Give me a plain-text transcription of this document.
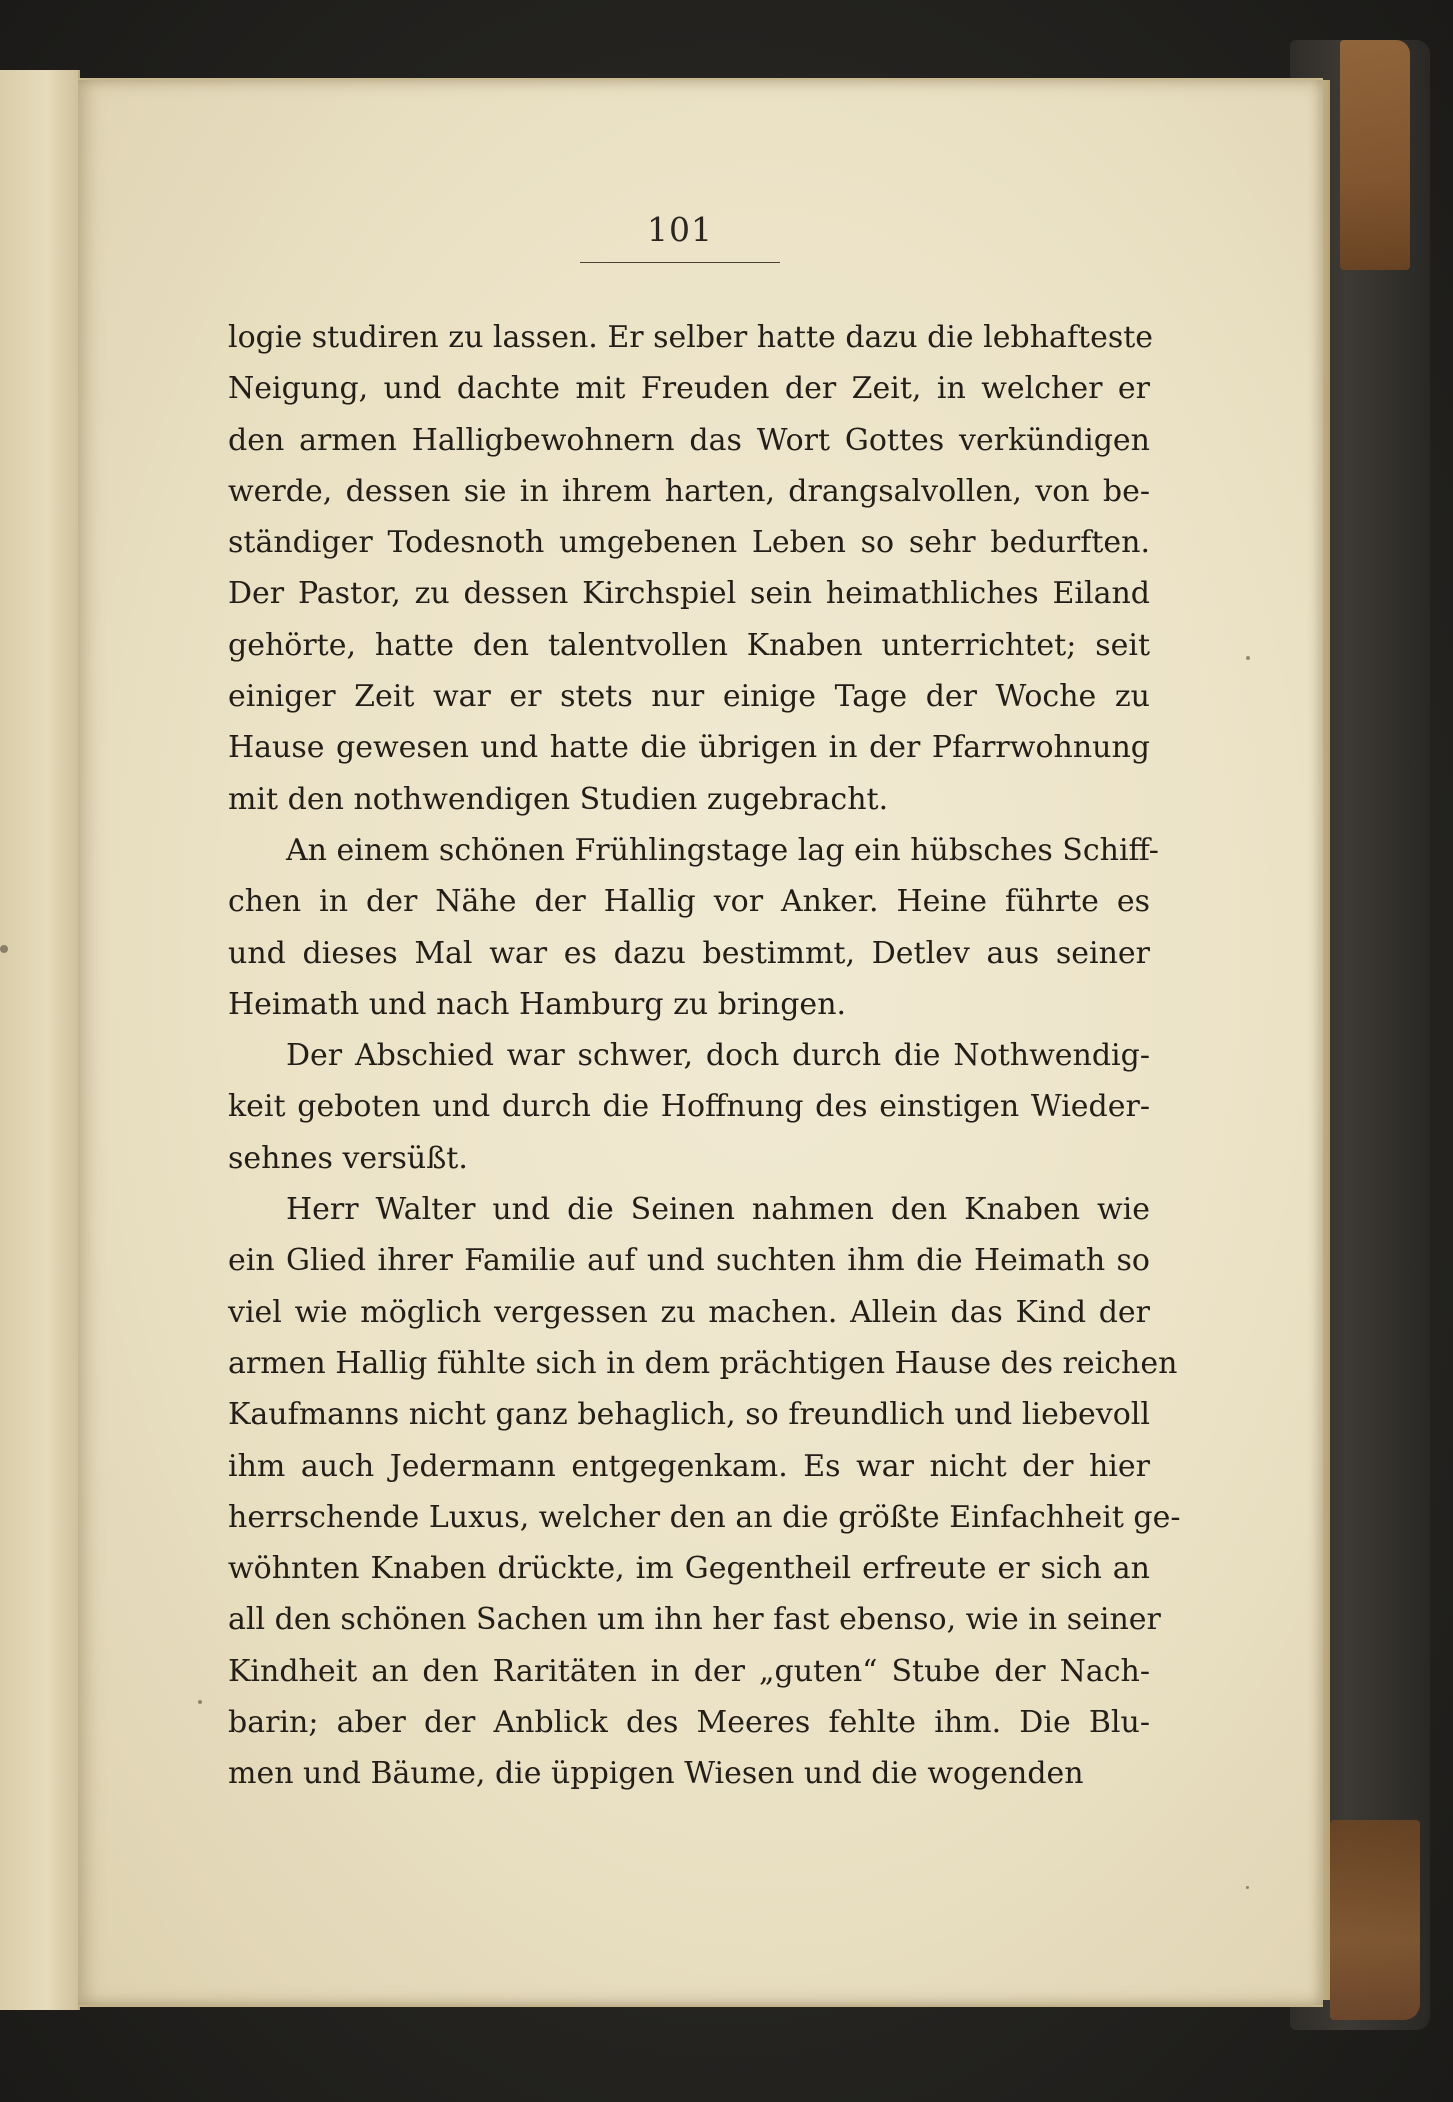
101
logie studiren zu lassen. Er selber hatte dazu die lebhafteste
Neigung, und dachte mit Freuden der Zeit, in welcher er
den armen Halligbewohnern das Wort Gottes verkündigen
werde, dessen sie in ihrem harten, drangsalvollen, von be-
ständiger Todesnoth umgebenen Leben so sehr bedurften.
Der Pastor, zu dessen Kirchspiel sein heimathliches Eiland
gehörte, hatte den talentvollen Knaben unterrichtet; seit
einiger Zeit war er stets nur einige Tage der Woche zu
Hause gewesen und hatte die übrigen in der Pfarrwohnung
mit den nothwendigen Studien zugebracht.
An einem schönen Frühlingstage lag ein hübsches Schiff-
chen in der Nähe der Hallig vor Anker. Heine führte es
und dieses Mal war es dazu bestimmt, Detlev aus seiner
Heimath und nach Hamburg zu bringen.
Der Abschied war schwer, doch durch die Nothwendig-
keit geboten und durch die Hoffnung des einstigen Wieder-
sehnes versüßt.
Herr Walter und die Seinen nahmen den Knaben wie
ein Glied ihrer Familie auf und suchten ihm die Heimath so
viel wie möglich vergessen zu machen. Allein das Kind der
armen Hallig fühlte sich in dem prächtigen Hause des reichen
Kaufmanns nicht ganz behaglich, so freundlich und liebevoll
ihm auch Jedermann entgegenkam. Es war nicht der hier
herrschende Luxus, welcher den an die größte Einfachheit ge-
wöhnten Knaben drückte, im Gegentheil erfreute er sich an
all den schönen Sachen um ihn her fast ebenso, wie in seiner
Kindheit an den Raritäten in der „guten“ Stube der Nach-
barin; aber der Anblick des Meeres fehlte ihm. Die Blu-
men und Bäume, die üppigen Wiesen und die wogenden
